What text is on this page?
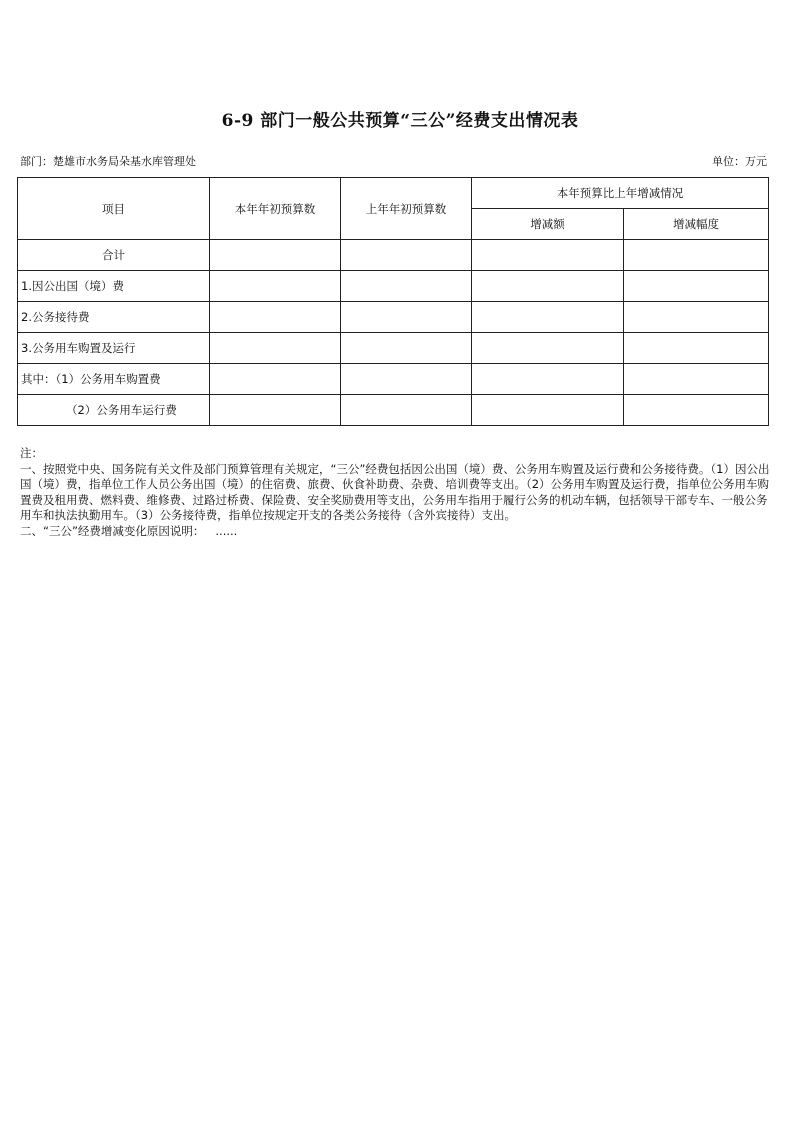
6-9 部门一般公共预算“三公”经费支出情况表
部门：楚雄市水务局朵基水库管理处	单位：万元
项目	本年年初预算数	上年年初预算数	本年预算比上年增减情况	
			增减额	增减幅度
合计				
1.因公出国（境）费				
2.公务接待费				
3.公务用车购置及运行				
其中：（1）公务用车购置费				
（2）公务用车运行费				

注：

一、按照党中央、国务院有关文件及部门预算管理有关规定，“三公”经费包括因公出国（境）费、公务用车购置及运行费和公务接待费。（1）因公出国（境）费，指单位工作人员公务出国（境）的住宿费、旅费、伙食补助费、杂费、培训费等支出。（2）公务用车购置及运行费，指单位公务用车购置费及租用费、燃料费、维修费、过路过桥费、保险费、安全奖励费用等支出，公务用车指用于履行公务的机动车辆，包括领导干部专车、一般公务用车和执法执勤用车。（3）公务接待费，指单位按规定开支的各类公务接待（含外宾接待）支出。

二、“三公”经费增减变化原因说明：   ......
